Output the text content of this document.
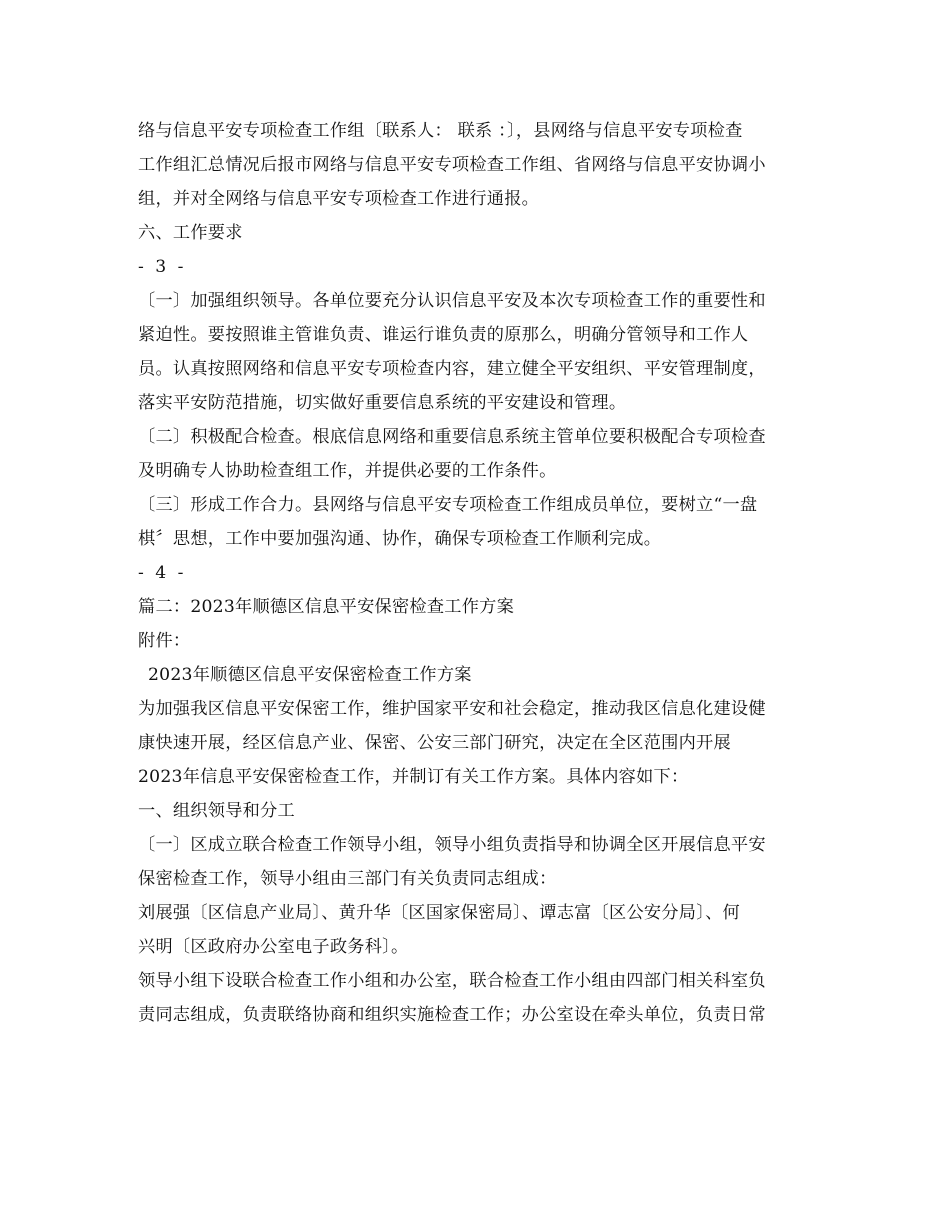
络与信息平安专项检查工作组〔联系人： 联系 ：〕，县网络与信息平安专项检查
工作组汇总情况后报市网络与信息平安专项检查工作组、省网络与信息平安协调小
组，并对全网络与信息平安专项检查工作进行通报。
六、工作要求
- 3 -
〔一〕加强组织领导。各单位要充分认识信息平安及本次专项检查工作的重要性和
紧迫性。要按照谁主管谁负责、谁运行谁负责的原那么，明确分管领导和工作人
员。认真按照网络和信息平安专项检查内容，建立健全平安组织、平安管理制度，
落实平安防范措施，切实做好重要信息系统的平安建设和管理。
〔二〕积极配合检查。根底信息网络和重要信息系统主管单位要积极配合专项检查
及明确专人协助检查组工作，并提供必要的工作条件。
〔三〕形成工作合力。县网络与信息平安专项检查工作组成员单位，要树立“一盘
棋〞思想，工作中要加强沟通、协作，确保专项检查工作顺利完成。
- 4 -
篇二：2023年顺德区信息平安保密检查工作方案
附件：
2023年顺德区信息平安保密检查工作方案
为加强我区信息平安保密工作，维护国家平安和社会稳定，推动我区信息化建设健
康快速开展，经区信息产业、保密、公安三部门研究，决定在全区范围内开展
2023年信息平安保密检查工作，并制订有关工作方案。具体内容如下：
一、组织领导和分工
〔一〕区成立联合检查工作领导小组，领导小组负责指导和协调全区开展信息平安
保密检查工作，领导小组由三部门有关负责同志组成：
刘展强〔区信息产业局〕、黄升华〔区国家保密局〕、谭志富〔区公安分局〕、何
兴明〔区政府办公室电子政务科〕。
领导小组下设联合检查工作小组和办公室，联合检查工作小组由四部门相关科室负
责同志组成，负责联络协商和组织实施检查工作；办公室设在牵头单位，负责日常
